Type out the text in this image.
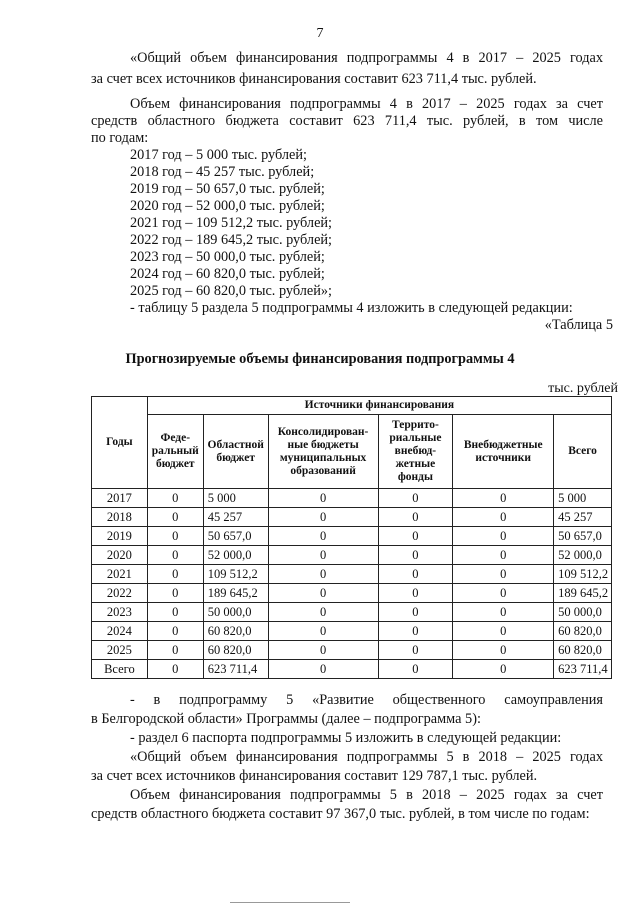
7

«Общий объем финансирования подпрограммы 4 в 2017 – 2025 годах

за счет всех источников финансирования составит 623 711,4 тыс. рублей.

Объем финансирования подпрограммы 4 в 2017 – 2025 годах за счет

средств областного бюджета составит 623 711,4 тыс. рублей, в том числе

по годам:

2017 год – 5 000 тыс. рублей;
2018 год – 45 257 тыс. рублей;
2019 год – 50 657,0 тыс. рублей;
2020 год – 52 000,0 тыс. рублей;
2021 год – 109 512,2 тыс. рублей;
2022 год – 189 645,2 тыс. рублей;
2023 год – 50 000,0 тыс. рублей;
2024 год – 60 820,0 тыс. рублей;
2025 год – 60 820,0 тыс. рублей»;
- таблицу 5 раздела 5 подпрограммы 4 изложить в следующей редакции:
«Таблица 5
Прогнозируемые объемы финансирования подпрограммы 4
тыс. рублей
Годы	Источники финансирования					
	Феде-ральный бюджет	Областной бюджет	Консолидирован-ные бюджеты муниципальных образований	Террито-риальные внебюд-жетные фонды	Внебюджетные источники	Всего
2017	0	5 000	0	0	0	5 000
2018	0	45 257	0	0	0	45 257
2019	0	50 657,0	0	0	0	50 657,0
2020	0	52 000,0	0	0	0	52 000,0
2021	0	109 512,2	0	0	0	109 512,2
2022	0	189 645,2	0	0	0	189 645,2
2023	0	50 000,0	0	0	0	50 000,0
2024	0	60 820,0	0	0	0	60 820,0
2025	0	60 820,0	0	0	0	60 820,0
Всего	0	623 711,4	0	0	0	623 711,4

- в подпрограмму 5 «Развитие общественного самоуправления

в Белгородской области» Программы (далее – подпрограмма 5):

- раздел 6 паспорта подпрограммы 5 изложить в следующей редакции:

«Общий объем финансирования подпрограммы 5 в 2018 – 2025 годах

за счет всех источников финансирования составит 129 787,1 тыс. рублей.

Объем финансирования подпрограммы 5 в 2018 – 2025 годах за счет

средств областного бюджета составит 97 367,0 тыс. рублей, в том числе по годам:
